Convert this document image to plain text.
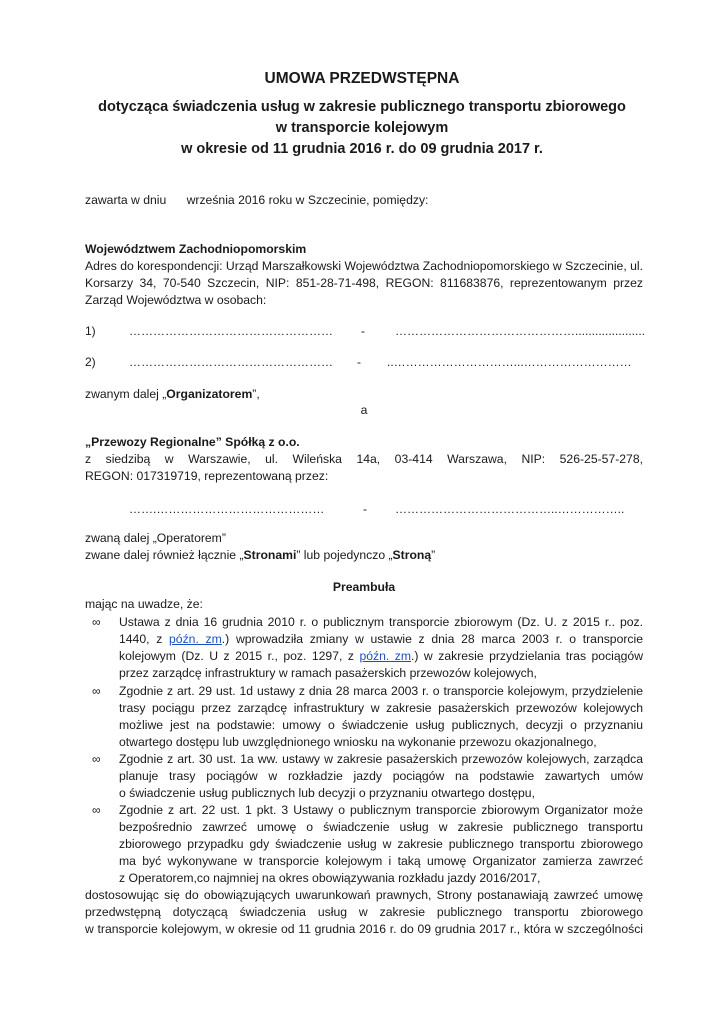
UMOWA PRZEDWSTĘPNA

dotycząca świadczenia usług w zakresie publicznego transportu zbiorowego

w transporcie kolejowym

w okresie od 11 grudnia 2016 r. do 09 grudnia 2017 r.

zawarta w dniu      września 2016 roku w Szczecinie, pomiędzy:

Województwem Zachodniopomorskim

Adres do korespondencji: Urząd Marszałkowski Województwa Zachodniopomorskiego w Szczecinie, ul.

Korsarzy 34, 70-540 Szczecin, NIP: 851-28-71-498, REGON: 811683876, reprezentowanym przez

Zarząd Województwa w osobach:

1)	…………………………………………… -	……………………………………….....................
2)	…………………………………………… - ..…………………………...………………………

zwanym dalej „Organizatorem”,

a

„Przewozy Regionalne” Spółką z o.o.

z siedzibą w Warszawie, ul. Wileńska 14a, 03-414 Warszawa, NIP: 526-25-57-278,

REGON: 017319719, reprezentowaną przez:

…….……………………………………	- …………………………………..……………..

zwaną dalej „Operatorem”

zwane dalej również łącznie „Stronami” lub pojedynczo „Stroną”

Preambuła

mając na uwadze, że:

∞ Ustawa z dnia 16 grudnia 2010 r. o publicznym transporcie zbiorowym (Dz. U. z 2015 r.. poz.

1440, z późn. zm.) wprowadziła zmiany w ustawie z dnia 28 marca 2003 r. o transporcie

kolejowym (Dz. U z 2015 r., poz. 1297, z późn. zm.) w zakresie przydzielania tras pociągów

przez zarządcę infrastruktury w ramach pasażerskich przewozów kolejowych,

∞ Zgodnie z art. 29 ust. 1d ustawy z dnia 28 marca 2003 r. o transporcie kolejowym, przydzielenie

trasy pociągu przez zarządcę infrastruktury w zakresie pasażerskich przewozów kolejowych

możliwe jest na podstawie: umowy o świadczenie usług publicznych, decyzji o przyznaniu

otwartego dostępu lub uwzględnionego wniosku na wykonanie przewozu okazjonalnego,

∞ Zgodnie z art. 30 ust. 1a ww. ustawy w zakresie pasażerskich przewozów kolejowych, zarządca

planuje trasy pociągów w rozkładzie jazdy pociągów na podstawie zawartych umów

o świadczenie usług publicznych lub decyzji o przyznaniu otwartego dostępu,

∞ Zgodnie z art. 22 ust. 1 pkt. 3 Ustawy o publicznym transporcie zbiorowym Organizator może

bezpośrednio zawrzeć umowę o świadczenie usług w zakresie publicznego transportu

zbiorowego przypadku gdy świadczenie usług w zakresie publicznego transportu zbiorowego

ma być wykonywane w transporcie kolejowym i taką umowę Organizator zamierza zawrzeć

z Operatorem,co najmniej na okres obowiązywania rozkładu jazdy 2016/2017,

dostosowując się do obowiązujących uwarunkowań prawnych, Strony postanawiają zawrzeć umowę

przedwstępną dotyczącą świadczenia usług w zakresie publicznego transportu zbiorowego

w transporcie kolejowym, w okresie od 11 grudnia 2016 r. do 09 grudnia 2017 r., która w szczególności
